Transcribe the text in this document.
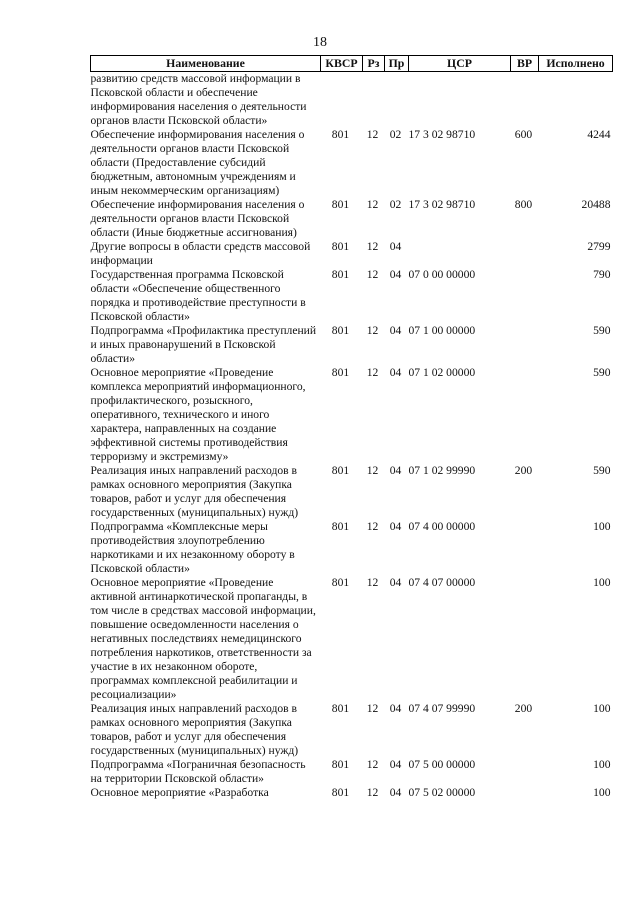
18
Наименование	КВСР	Рз	Пр	ЦСР	ВР	Исполнено
развитию средств массовой информации в Псковской области и обеспечение информирования населения о деятельности органов власти Псковской области»						
Обеспечение информирования населения о деятельности органов власти Псковской области (Предоставление субсидий бюджетным, автономным учреждениям и иным некоммерческим организациям)	801	12	02	17 3 02 98710	600	4244
Обеспечение информирования населения о деятельности органов власти Псковской области (Иные бюджетные ассигнования)	801	12	02	17 3 02 98710	800	20488
Другие вопросы в области средств массовой информации	801	12	04			2799
Государственная программа Псковской области «Обеспечение общественного порядка и противодействие преступности в Псковской области»	801	12	04	07 0 00 00000		790
Подпрограмма «Профилактика преступлений и иных правонарушений в Псковской области»	801	12	04	07 1 00 00000		590
Основное мероприятие «Проведение комплекса мероприятий информационного, профилактического, розыскного, оперативного, технического и иного характера, направленных на создание эффективной системы противодействия терроризму и экстремизму»	801	12	04	07 1 02 00000		590
Реализация иных направлений расходов в рамках основного мероприятия (Закупка товаров, работ и услуг для обеспечения государственных (муниципальных) нужд)	801	12	04	07 1 02 99990	200	590
Подпрограмма «Комплексные меры противодействия злоупотреблению наркотиками и их незаконному обороту в Псковской области»	801	12	04	07 4 00 00000		100
Основное мероприятие «Проведение активной антинаркотической пропаганды, в том числе в средствах массовой информации, повышение осведомленности населения о негативных последствиях немедицинского потребления наркотиков, ответственности за участие в их незаконном обороте, программах комплексной реабилитации и ресоциализации»	801	12	04	07 4 07 00000		100
Реализация иных направлений расходов в рамках основного мероприятия (Закупка товаров, работ и услуг для обеспечения государственных (муниципальных) нужд)	801	12	04	07 4 07 99990	200	100
Подпрограмма «Пограничная безопасность на территории Псковской области»	801	12	04	07 5 00 00000		100
Основное мероприятие «Разработка	801	12	04	07 5 02 00000		100
